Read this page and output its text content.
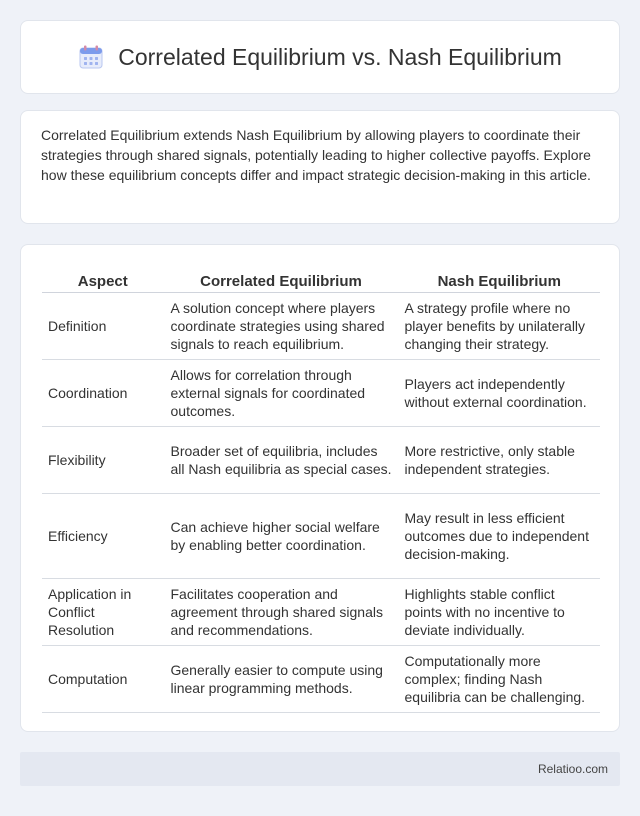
Correlated Equilibrium vs. Nash Equilibrium

Correlated Equilibrium extends Nash Equilibrium by allowing players to coordinate their strategies through shared signals, potentially leading to higher collective payoffs. Explore how these equilibrium concepts differ and impact strategic decision-making in this article.

Aspect	Correlated Equilibrium	Nash Equilibrium
Definition	A solution concept where players coordinate strategies using shared signals to reach equilibrium.	A strategy profile where no player benefits by unilaterally changing their strategy.
Coordination	Allows for correlation through external signals for coordinated outcomes.	Players act independently without external coordination.
Flexibility	Broader set of equilibria, includes all Nash equilibria as special cases.	More restrictive, only stable independent strategies.
Efficiency	Can achieve higher social welfare by enabling better coordination.	May result in less efficient outcomes due to independent decision-making.
Application in Conflict Resolution	Facilitates cooperation and agreement through shared signals and recommendations.	Highlights stable conflict points with no incentive to deviate individually.
Computation	Generally easier to compute using linear programming methods.	Computationally more complex; finding Nash equilibria can be challenging.
Relatioo.com
